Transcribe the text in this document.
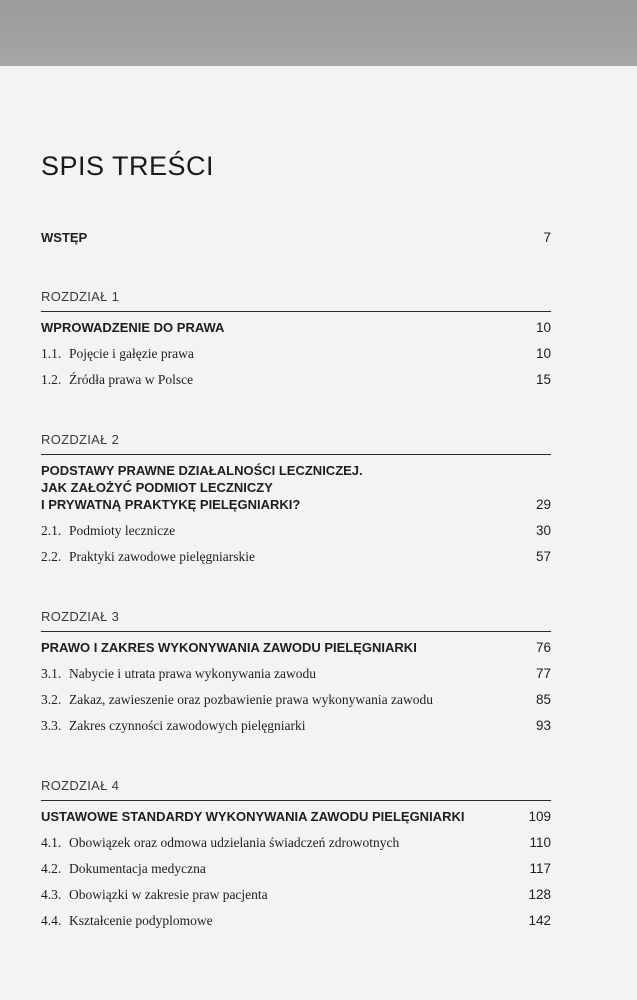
SPIS TREŚCI
WSTĘP	7
ROZDZIAŁ 1
WPROWADZENIE DO PRAWA	10
1.1. Pojęcie i gałęzie prawa	10
1.2. Źródła prawa w Polsce	15
ROZDZIAŁ 2
PODSTAWY PRAWNE DZIAŁALNOŚCI LECZNICZEJ.
JAK ZAŁOŻYĆ PODMIOT LECZNICZY
I PRYWATNĄ PRAKTYKĘ PIELĘGNIARKI?	29
2.1. Podmioty lecznicze	30
2.2. Praktyki zawodowe pielęgniarskie	57
ROZDZIAŁ 3
PRAWO I ZAKRES WYKONYWANIA ZAWODU PIELĘGNIARKI	76
3.1. Nabycie i utrata prawa wykonywania zawodu	77
3.2. Zakaz, zawieszenie oraz pozbawienie prawa wykonywania zawodu	85
3.3. Zakres czynności zawodowych pielęgniarki	93
ROZDZIAŁ 4
USTAWOWE STANDARDY WYKONYWANIA ZAWODU PIELĘGNIARKI	109
4.1. Obowiązek oraz odmowa udzielania świadczeń zdrowotnych	110
4.2. Dokumentacja medyczna	117
4.3. Obowiązki w zakresie praw pacjenta	128
4.4. Kształcenie podyplomowe	142
